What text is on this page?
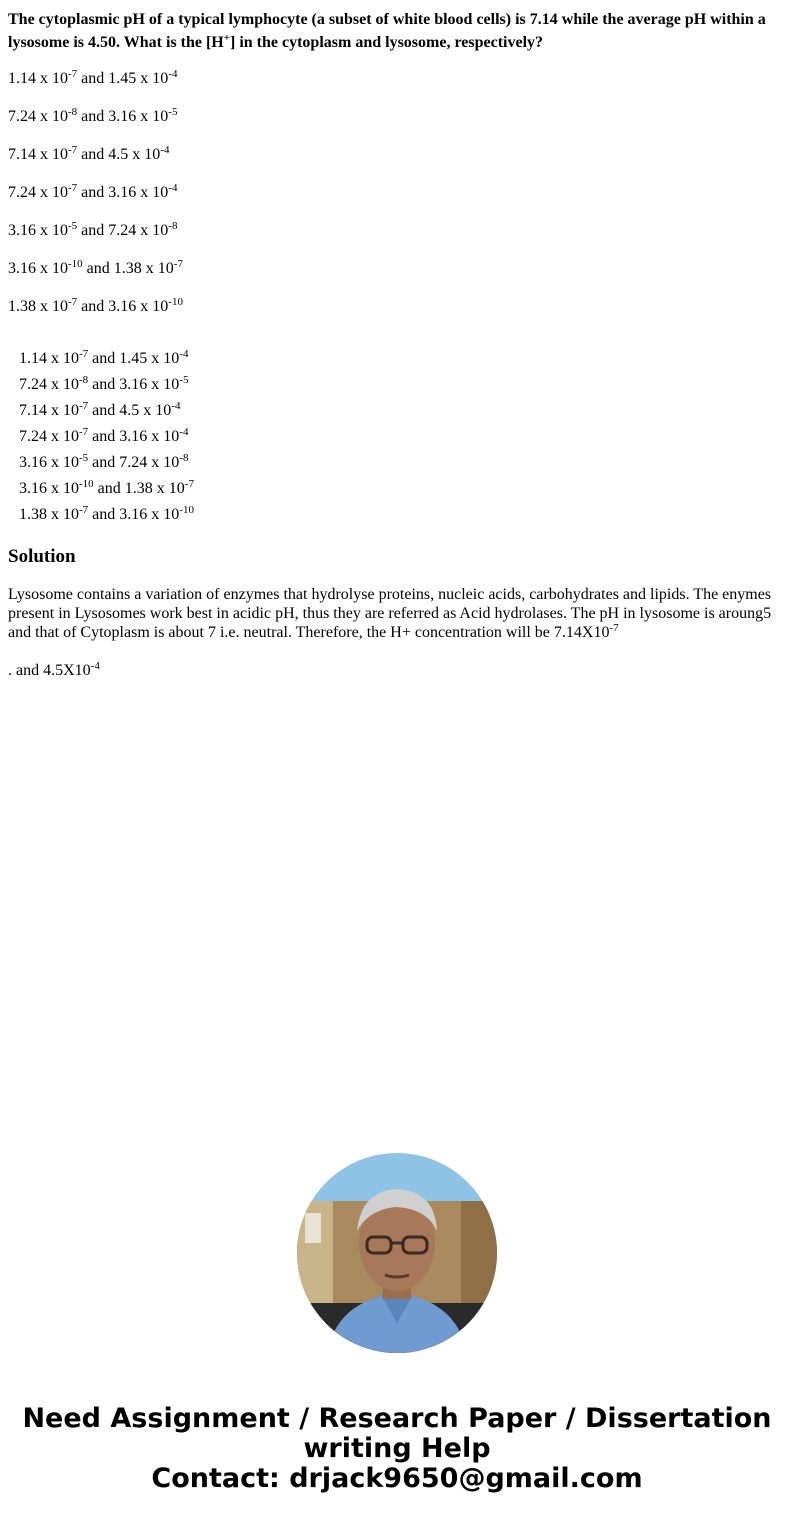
The cytoplasmic pH of a typical lymphocyte (a subset of white blood cells) is 7.14 while the average pH within a lysosome is 4.50. What is the [H+] in the cytoplasm and lysosome, respectively?

1.14 x $10^{-7}$ and 1.45 x $10^{-4}$

7.24 x $10^{-8}$ and 3.16 x $10^{-5}$

7.14 x $10^{-7}$ and 4.5 x $10^{-4}$

7.24 x $10^{-7}$ and 3.16 x $10^{-4}$

3.16 x $10^{-5}$ and 7.24 x $10^{-8}$

3.16 x $10^{-10}$ and 1.38 x $10^{-7}$

1.38 x $10^{-7}$ and 3.16 x $10^{-10}$

1.14 x $10^{-7}$ and 1.45 x $10^{-4}$
7.24 x $10^{-8}$ and 3.16 x $10^{-5}$
7.14 x $10^{-7}$ and 4.5 x $10^{-4}$
7.24 x $10^{-7}$ and 3.16 x $10^{-4}$
3.16 x $10^{-5}$ and 7.24 x $10^{-8}$
3.16 x $10^{-10}$ and 1.38 x $10^{-7}$
1.38 x $10^{-7}$ and 3.16 x $10^{-10}$
Solution

Lysosome contains a variation of enzymes that hydrolyse proteins, nucleic acids, carbohydrates and lipids. The enymes present in Lysosomes work best in acidic pH, thus they are referred as Acid hydrolases. The pH in lysosome is aroung5 and that of Cytoplasm is about 7 i.e. neutral. Therefore, the H+ concentration will be $7.14X10^{-7}$

. and $4.5X10^{-4}$

Need Assignment / Research Paper / Dissertation
writing Help
Contact: drjack9650@gmail.com
